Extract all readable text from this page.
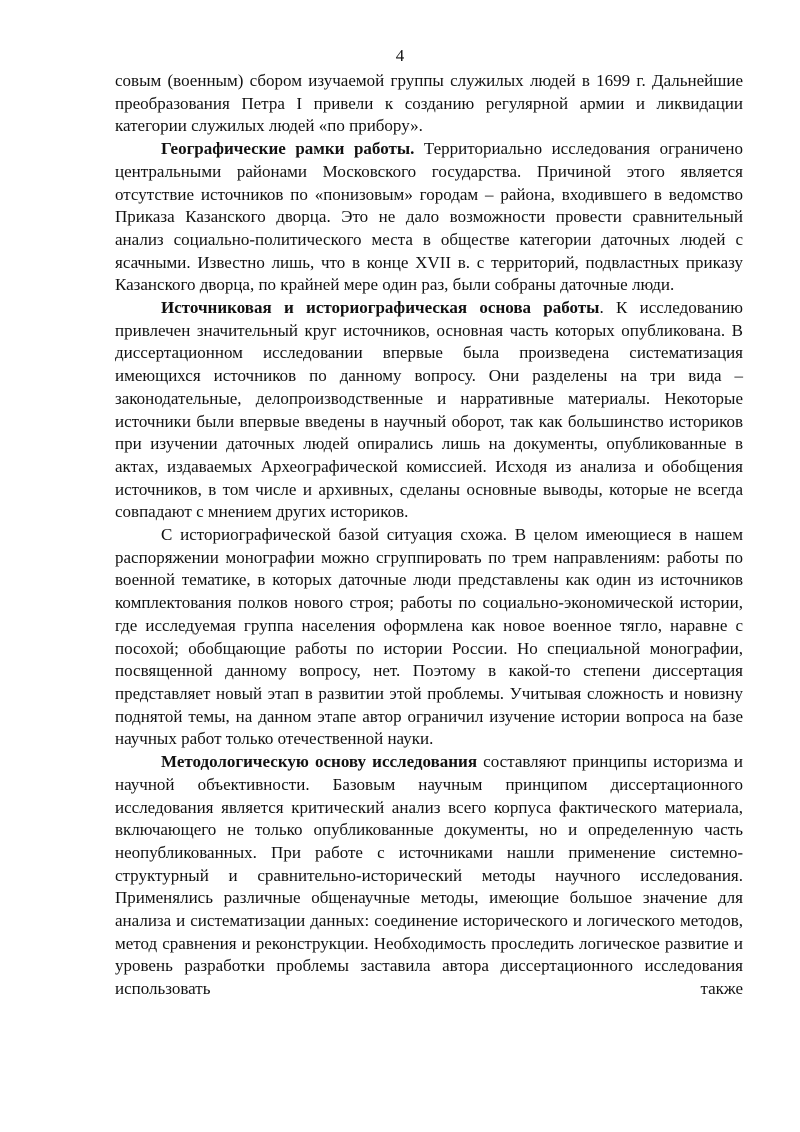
4

совым (военным) сбором изучаемой группы служилых людей в 1699 г. Дальнейшие преобразования Петра I привели к созданию регулярной армии и ликвидации категории служилых людей «по прибору».

Географические рамки работы. Территориально исследования ограничено центральными районами Московского государства. Причиной этого является отсутствие источников по «понизовым» городам – района, входившего в ведомство Приказа Казанского дворца. Это не дало возможности провести сравнительный анализ социально-политического места в обществе категории даточных людей с ясачными. Известно лишь, что в конце XVII в. с территорий, подвластных приказу Казанского дворца, по крайней мере один раз, были собраны даточные люди.

Источниковая и историографическая основа работы. К исследованию привлечен значительный круг источников, основная часть которых опубликована. В диссертационном исследовании впервые была произведена систематизация имеющихся источников по данному вопросу. Они разделены на три вида – законодательные, делопроизводственные и нарративные материалы. Некоторые источники были впервые введены в научный оборот, так как большинство историков при изучении даточных людей опирались лишь на документы, опубликованные в актах, издаваемых Археографической комиссией. Исходя из анализа и обобщения источников, в том числе и архивных, сделаны основные выводы, которые не всегда совпадают с мнением других историков.

С историографической базой ситуация схожа. В целом имеющиеся в нашем распоряжении монографии можно сгруппировать по трем направлениям: работы по военной тематике, в которых даточные люди представлены как один из источников комплектования полков нового строя; работы по социально-экономической истории, где исследуемая группа населения оформлена как новое военное тягло, наравне с посохой; обобщающие работы по истории России. Но специальной монографии, посвященной данному вопросу, нет. Поэтому в какой-то степени диссертация представляет новый этап в развитии этой проблемы. Учитывая сложность и новизну поднятой темы, на данном этапе автор ограничил изучение истории вопроса на базе научных работ только отечественной науки.

Методологическую основу исследования составляют принципы историзма и научной объективности. Базовым научным принципом диссертационного исследования является критический анализ всего корпуса фактического материала, включающего не только опубликованные документы, но и определенную часть неопубликованных. При работе с источниками нашли применение системно-структурный и сравнительно-исторический методы научного исследования. Применялись различные общенаучные методы, имеющие большое значение для анализа и систематизации данных: соединение исторического и логического методов, метод сравнения и реконструкции. Необходимость проследить логическое развитие и уровень разработки проблемы заставила автора диссертационного исследования использовать также
